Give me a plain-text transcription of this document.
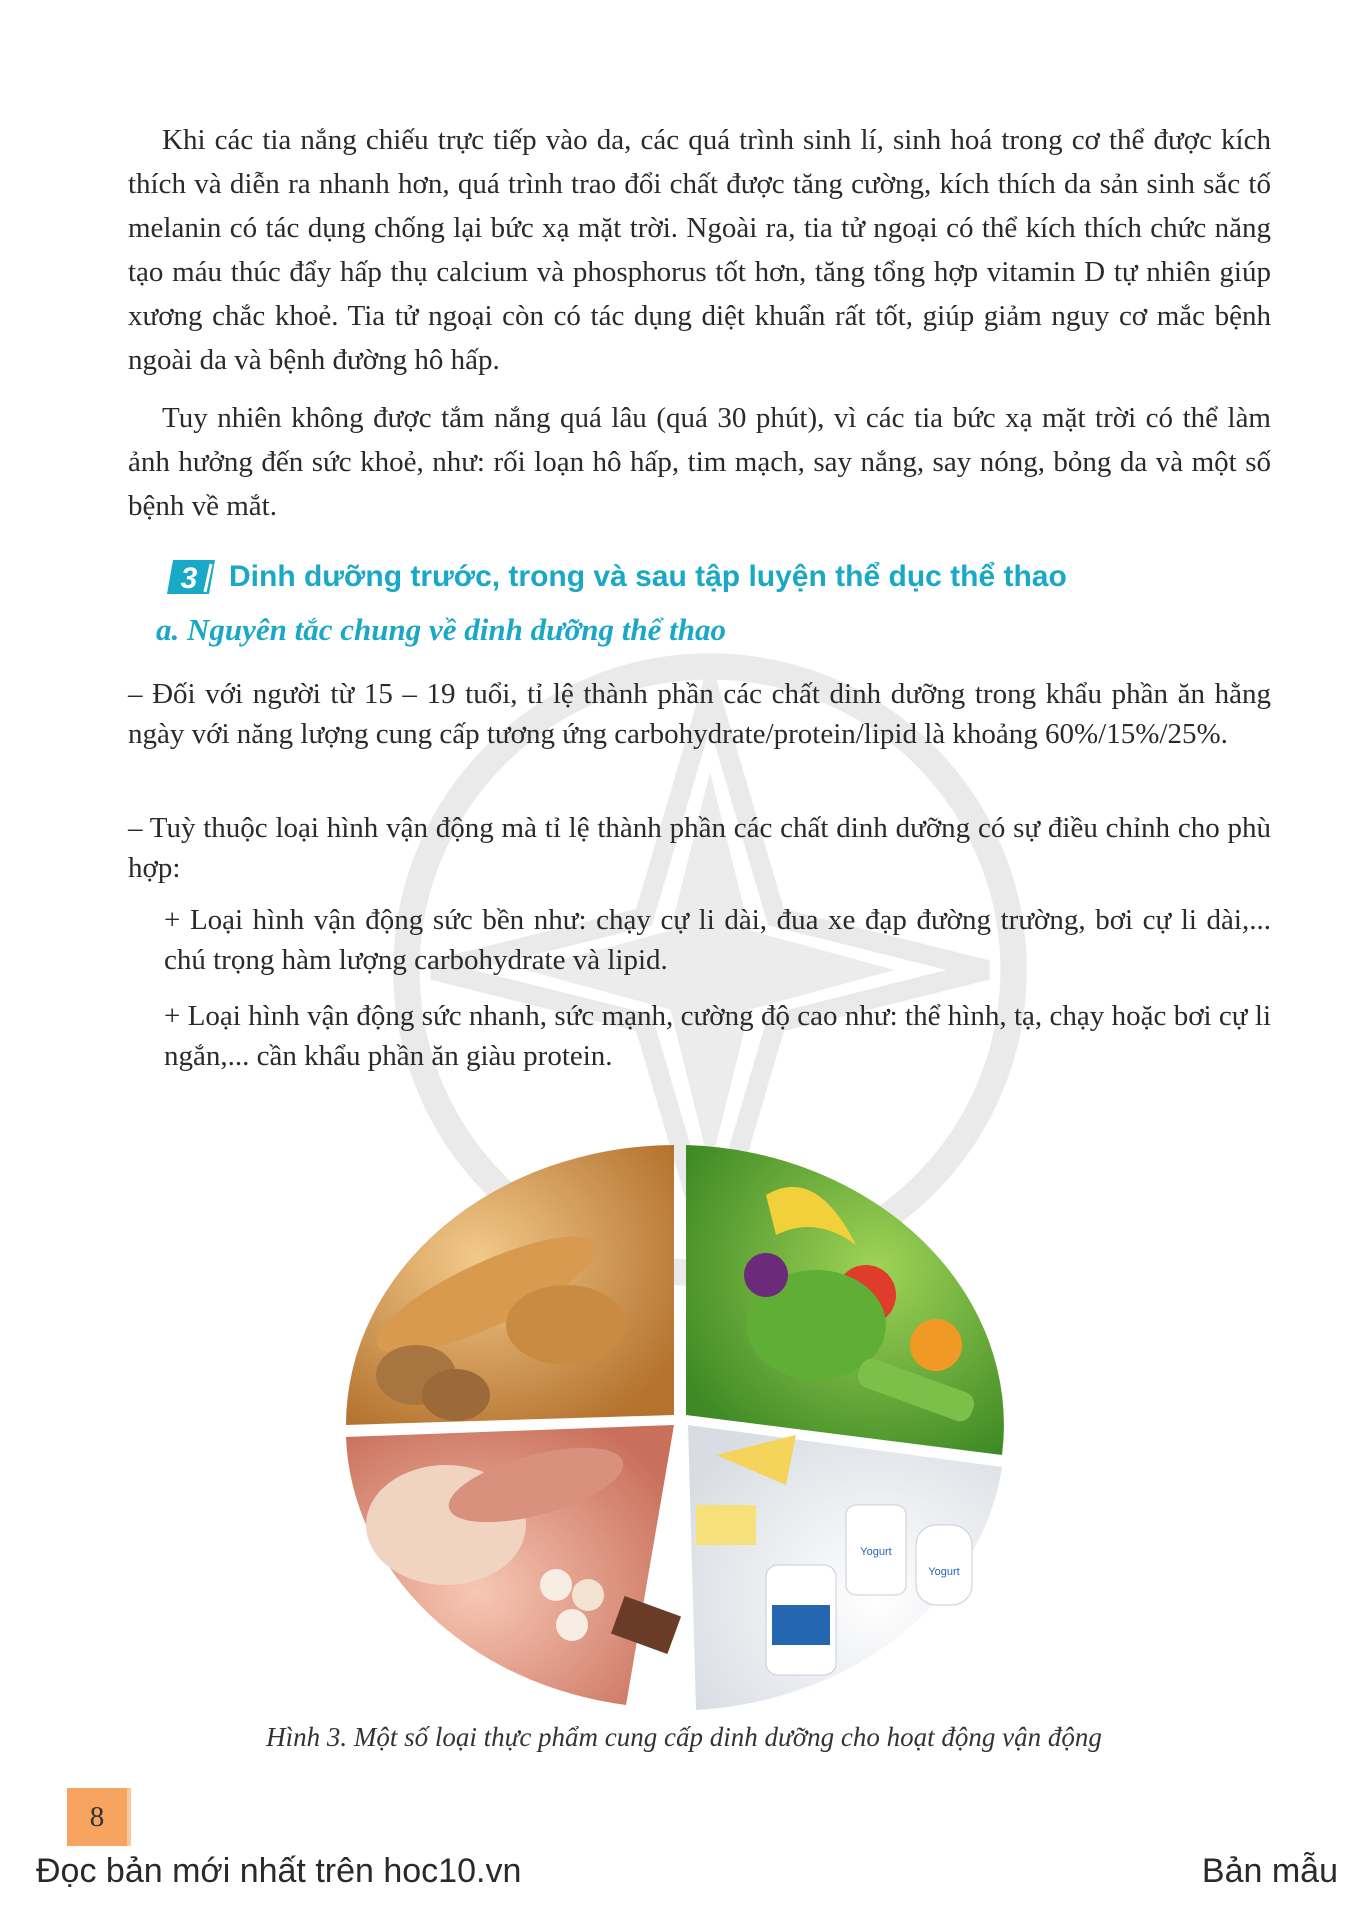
Khi các tia nắng chiếu trực tiếp vào da, các quá trình sinh lí, sinh hoá trong cơ thể được kích thích và diễn ra nhanh hơn, quá trình trao đổi chất được tăng cường, kích thích da sản sinh sắc tố melanin có tác dụng chống lại bức xạ mặt trời. Ngoài ra, tia tử ngoại có thể kích thích chức năng tạo máu thúc đẩy hấp thụ calcium và phosphorus tốt hơn, tăng tổng hợp vitamin D tự nhiên giúp xương chắc khoẻ. Tia tử ngoại còn có tác dụng diệt khuẩn rất tốt, giúp giảm nguy cơ mắc bệnh ngoài da và bệnh đường hô hấp.

Tuy nhiên không được tắm nắng quá lâu (quá 30 phút), vì các tia bức xạ mặt trời có thể làm ảnh hưởng đến sức khoẻ, như: rối loạn hô hấp, tim mạch, say nắng, say nóng, bỏng da và một số bệnh về mắt.

3 Dinh dưỡng trước, trong và sau tập luyện thể dục thể thao

a. Nguyên tắc chung về dinh dưỡng thể thao

– Đối với người từ 15 – 19 tuổi, tỉ lệ thành phần các chất dinh dưỡng trong khẩu phần ăn hằng ngày với năng lượng cung cấp tương ứng carbohydrate/protein/lipid là khoảng 60%/15%/25%.

– Tuỳ thuộc loại hình vận động mà tỉ lệ thành phần các chất dinh dưỡng có sự điều chỉnh cho phù hợp:

+ Loại hình vận động sức bền như: chạy cự li dài, đua xe đạp đường trường, bơi cự li dài,... chú trọng hàm lượng carbohydrate và lipid.

+ Loại hình vận động sức nhanh, sức mạnh, cường độ cao như: thể hình, tạ, chạy hoặc bơi cự li ngắn,... cần khẩu phần ăn giàu protein.

Yogurt
Yogurt
Hình 3. Một số loại thực phẩm cung cấp dinh dưỡng cho hoạt động vận động
8
Đọc bản mới nhất trên hoc10.vn	Bản mẫu
